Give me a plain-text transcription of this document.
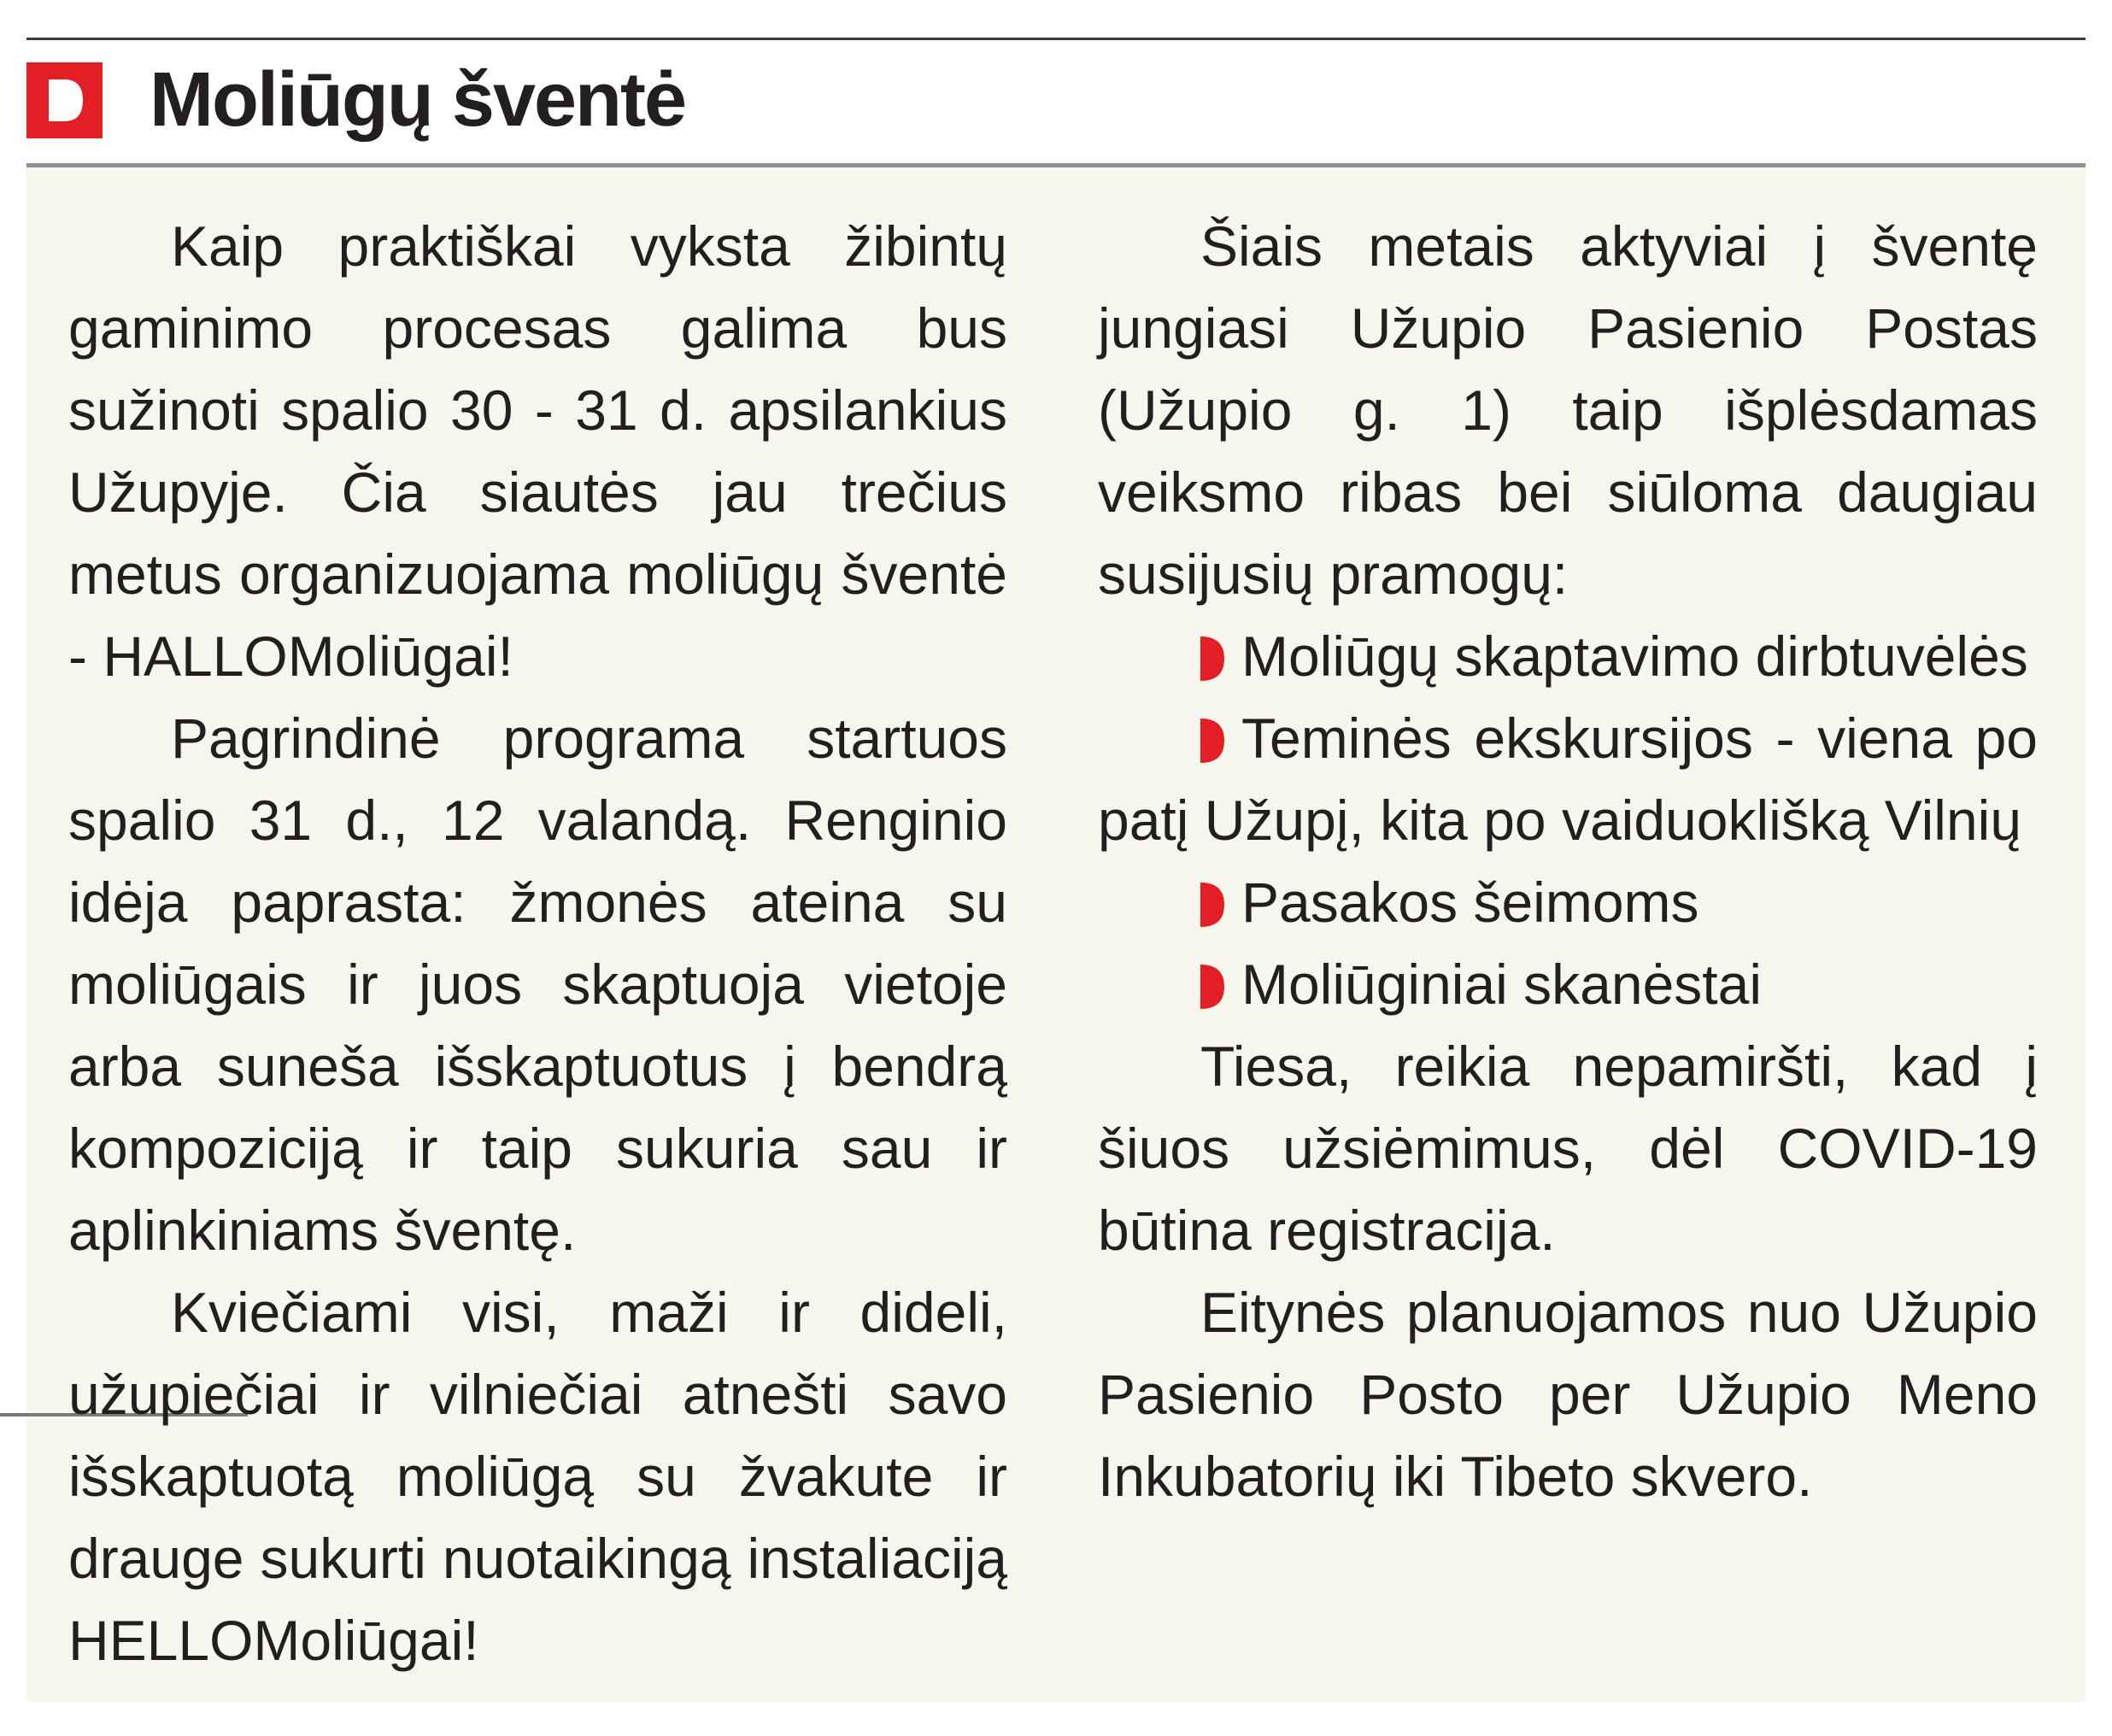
Moliūgų šventė

Kaip praktiškai vyksta žibintų gaminimo procesas galima bus sužinoti spalio 30 - 31 d. apsilankius Užupyje. Čia siautės jau trečius metus organizuojama moliūgų šventė - HALLOMoliūgai!

Pagrindinė programa startuos spalio 31 d., 12 valandą. Renginio idėja paprasta: žmonės ateina su moliūgais ir juos skaptuoja vietoje arba suneša išskaptuotus į bendrą kompoziciją ir taip sukuria sau ir aplinkiniams šventę.

Kviečiami visi, maži ir dideli, užupiečiai ir vilniečiai atnešti savo išskaptuotą moliūgą su žvakute ir drauge sukurti nuotaikingą instaliaciją HELLOMoliūgai!

Šiais metais aktyviai į šventę jungiasi Užupio Pasienio Postas (Užupio g. 1) taip išplėsdamas veiksmo ribas bei siūloma daugiau susijusių pramogų:

Moliūgų skaptavimo dirbtuvėlės

Teminės ekskursijos - viena po patį Užupį, kita po vaiduoklišką Vilnių

Pasakos šeimoms

Moliūginiai skanėstai

Tiesa, reikia nepamiršti, kad į šiuos užsiėmimus, dėl COVID-19 būtina registracija.

Eitynės planuojamos nuo Užupio Pasienio Posto per Užupio Meno Inkubatorių iki Tibeto skvero.
